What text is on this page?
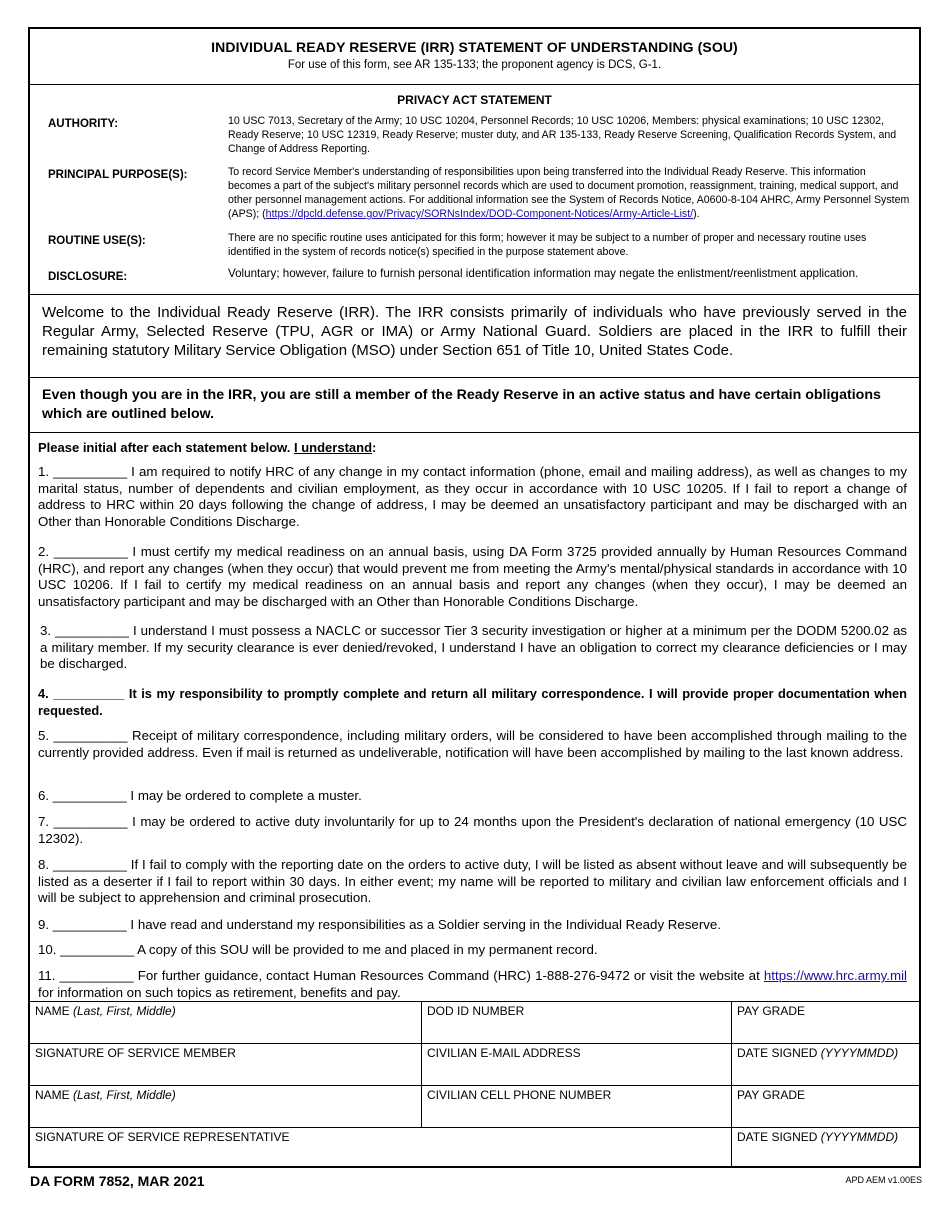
INDIVIDUAL READY RESERVE (IRR) STATEMENT OF UNDERSTANDING (SOU)
For use of this form, see AR 135-133; the proponent agency is DCS, G-1.
PRIVACY ACT STATEMENT
AUTHORITY:	10 USC 7013, Secretary of the Army; 10 USC 10204, Personnel Records; 10 USC 10206, Members: physical examinations; 10 USC 12302, Ready Reserve; 10 USC 12319, Ready Reserve; muster duty, and AR 135-133, Ready Reserve Screening, Qualification Records System, and Change of Address Reporting.
PRINCIPAL PURPOSE(S):	To record Service Member's understanding of responsibilities upon being transferred into the Individual Ready Reserve. This information becomes a part of the subject's military personnel records which are used to document promotion, reassignment, training, medical support, and other personnel management actions. For additional information see the System of Records Notice, A0600-8-104 AHRC, Army Personnel System (APS); (https://dpcld.defense.gov/Privacy/SORNsIndex/DOD-Component-Notices/Army-Article-List/).
ROUTINE USE(S):	There are no specific routine uses anticipated for this form; however it may be subject to a number of proper and necessary routine uses identified in the system of records notice(s) specified in the purpose statement above.
DISCLOSURE:	Voluntary; however, failure to furnish personal identification information may negate the enlistment/reenlistment application.
Welcome to the Individual Ready Reserve (IRR). The IRR consists primarily of individuals who have previously served in the Regular Army, Selected Reserve (TPU, AGR or IMA) or Army National Guard. Soldiers are placed in the IRR to fulfill their remaining statutory Military Service Obligation (MSO) under Section 651 of Title 10, United States Code.
Even though you are in the IRR, you are still a member of the Ready Reserve in an active status and have certain obligations which are outlined below.
Please initial after each statement below. I understand:
1. __________ I am required to notify HRC of any change in my contact information (phone, email and mailing address), as well as changes to my marital status, number of dependents and civilian employment, as they occur in accordance with 10 USC 10205. If I fail to report a change of address to HRC within 20 days following the change of address, I may be deemed an unsatisfactory participant and may be discharged with an Other than Honorable Conditions Discharge.
2. __________ I must certify my medical readiness on an annual basis, using DA Form 3725 provided annually by Human Resources Command (HRC), and report any changes (when they occur) that would prevent me from meeting the Army's mental/physical standards in accordance with 10 USC 10206. If I fail to certify my medical readiness on an annual basis and report any changes (when they occur), I may be deemed an unsatisfactory participant and may be discharged with an Other than Honorable Conditions Discharge.
3. __________ I understand I must possess a NACLC or successor Tier 3 security investigation or higher at a minimum per the DODM 5200.02 as a military member. If my security clearance is ever denied/revoked, I understand I have an obligation to correct my clearance deficiencies or I may be discharged.
4. __________ It is my responsibility to promptly complete and return all military correspondence. I will provide proper documentation when requested.
5. __________ Receipt of military correspondence, including military orders, will be considered to have been accomplished through mailing to the currently provided address. Even if mail is returned as undeliverable, notification will have been accomplished by mailing to the last known address.
6. __________ I may be ordered to complete a muster.
7. __________ I may be ordered to active duty involuntarily for up to 24 months upon the President's declaration of national emergency (10 USC 12302).
8. __________ If I fail to comply with the reporting date on the orders to active duty, I will be listed as absent without leave and will subsequently be listed as a deserter if I fail to report within 30 days. In either event; my name will be reported to military and civilian law enforcement officials and I will be subject to apprehension and criminal prosecution.
9. __________ I have read and understand my responsibilities as a Soldier serving in the Individual Ready Reserve.
10. __________ A copy of this SOU will be provided to me and placed in my permanent record.
11. __________ For further guidance, contact Human Resources Command (HRC) 1-888-276-9472 or visit the website at https://www.hrc.army.mil for information on such topics as retirement, benefits and pay.
NAME (Last, First, Middle)	DOD ID NUMBER	PAY GRADE
SIGNATURE OF SERVICE MEMBER	CIVILIAN E-MAIL ADDRESS	DATE SIGNED (YYYYMMDD)
NAME (Last, First, Middle)	CIVILIAN CELL PHONE NUMBER	PAY GRADE
SIGNATURE OF SERVICE REPRESENTATIVE	DATE SIGNED (YYYYMMDD)
DA FORM 7852, MAR 2021	APD AEM v1.00ES
